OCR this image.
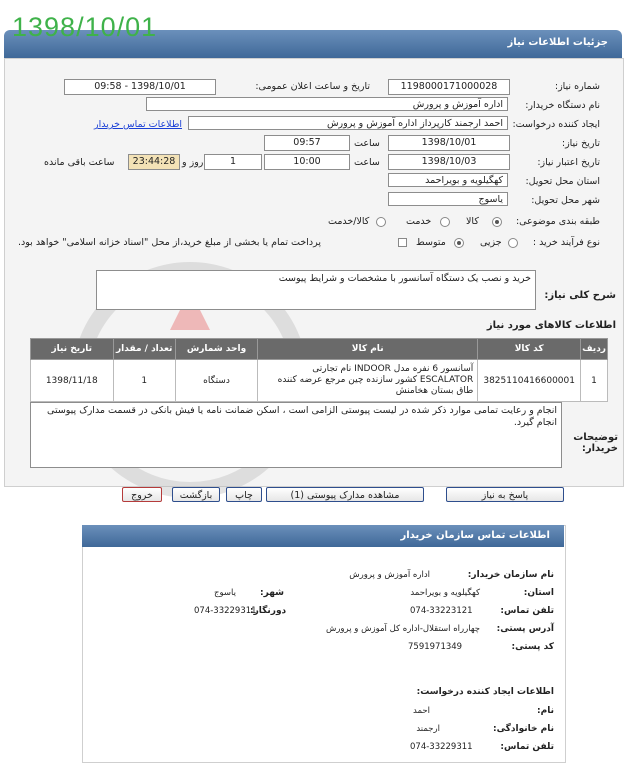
1398/10/01
جزئیات اطلاعات نیاز
شماره نیاز:
1198000171000028
تاریخ و ساعت اعلان عمومی:
1398/10/01 - 09:58
نام دستگاه خریدار:
اداره آموزش و پرورش
ایجاد کننده درخواست:
احمد ارجمند کارپرداز اداره آموزش و پرورش
اطلاعات تماس خریدار
تاریخ نیاز:
1398/10/01
ساعت
09:57
تاریخ اعتبار نیاز:
1398/10/03
ساعت
10:00
1
روز و
23:44:28
ساعت باقی مانده
استان محل تحویل:
کهگیلویه و بویراحمد
شهر محل تحویل:
یاسوج
طبقه بندی موضوعی:
کالا
خدمت
کالا/خدمت
نوع فرآیند خرید :
جزیی
متوسط
پرداخت تمام یا بخشی از مبلغ خرید،از محل "اسناد خزانه اسلامی" خواهد بود.
شرح کلی نیاز:
خرید و نصب یک دستگاه آسانسور با مشخصات و شرایط پیوست
اطلاعات کالاهای مورد نیاز
ردیف	کد کالا	نام کالا	واحد شمارش	تعداد / مقدار	تاریخ نیاز
1	3825110416600001	آسانسور 6 نفره مدل INDOOR نام تجارتی ESCALATOR کشور سازنده چین مرجع عرضه کننده طاق بستان هخامنش	دستگاه	1	1398/11/18
توضیحات خریدار:
انجام و رعایت تمامی موارد ذکر شده در لیست پیوستی الزامی است ، اسکن ضمانت نامه یا فیش بانکی در قسمت مدارک پیوستی انجام گیرد.
پاسخ به نیاز
مشاهده مدارک پیوستی (1)
چاپ
بازگشت
خروج
اطلاعات تماس سازمان خریدار
نام سازمان خریدار:
اداره آموزش و پرورش
استان:
کهگیلویه و بویراحمد
شهر:
یاسوج
تلفن تماس:
074-33223121
دورنگار:
074-33229311
آدرس پستی:
چهارراه استقلال-اداره کل آموزش و پرورش
کد پستی:
7591971349
اطلاعات ایجاد کننده درخواست:
نام:
احمد
نام خانوادگی:
ارجمند
تلفن تماس:
074-33229311
